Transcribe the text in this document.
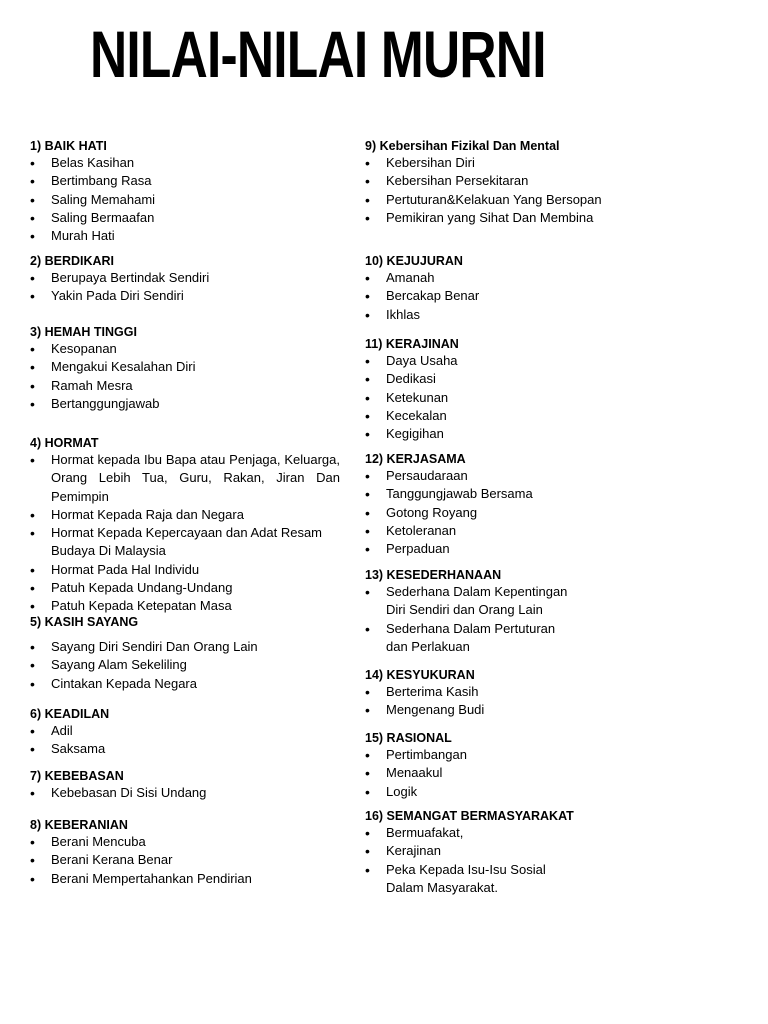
NILAI-NILAI MURNI
1) BAIK HATI
• Belas Kasihan
• Bertimbang Rasa
• Saling Memahami
• Saling Bermaafan
• Murah Hati
2) BERDIKARI
• Berupaya Bertindak Sendiri
• Yakin Pada Diri Sendiri
3) HEMAH TINGGI
• Kesopanan
• Mengakui Kesalahan Diri
• Ramah Mesra
• Bertanggungjawab
4) HORMAT
• Hormat kepada Ibu Bapa atau Penjaga, Keluarga, Orang Lebih Tua, Guru, Rakan, Jiran Dan Pemimpin
• Hormat Kepada Raja dan Negara
• Hormat Kepada Kepercayaan dan Adat Resam Budaya Di Malaysia
• Hormat Pada Hal Individu
• Patuh Kepada Undang-Undang
• Patuh Kepada Ketepatan Masa
5) KASIH SAYANG
• Sayang Diri Sendiri Dan Orang Lain
• Sayang Alam Sekeliling
• Cintakan Kepada Negara
6) KEADILAN
• Adil
• Saksama
7) KEBEBASAN
• Kebebasan Di Sisi Undang
8) KEBERANIAN
• Berani Mencuba
• Berani Kerana Benar
• Berani Mempertahankan Pendirian
9) Kebersihan Fizikal Dan Mental
• Kebersihan Diri
• Kebersihan Persekitaran
• Pertuturan&Kelakuan Yang Bersopan
• Pemikiran yang Sihat Dan Membina
10) KEJUJURAN
• Amanah
• Bercakap Benar
• Ikhlas
11) KERAJINAN
• Daya Usaha
• Dedikasi
• Ketekunan
• Kecekalan
• Kegigihan
12) KERJASAMA
• Persaudaraan
• Tanggungjawab Bersama
• Gotong Royang
• Ketoleranan
• Perpaduan
13) KESEDERHANAAN
• Sederhana Dalam Kepentingan Diri Sendiri dan Orang Lain
• Sederhana Dalam Pertuturan dan Perlakuan
14) KESYUKURAN
• Berterima Kasih
• Mengenang Budi
15) RASIONAL
• Pertimbangan
• Menaakul
• Logik
16) SEMANGAT BERMASYARAKAT
• Bermuafakat,
• Kerajinan
• Peka Kepada Isu-Isu Sosial Dalam Masyarakat.
